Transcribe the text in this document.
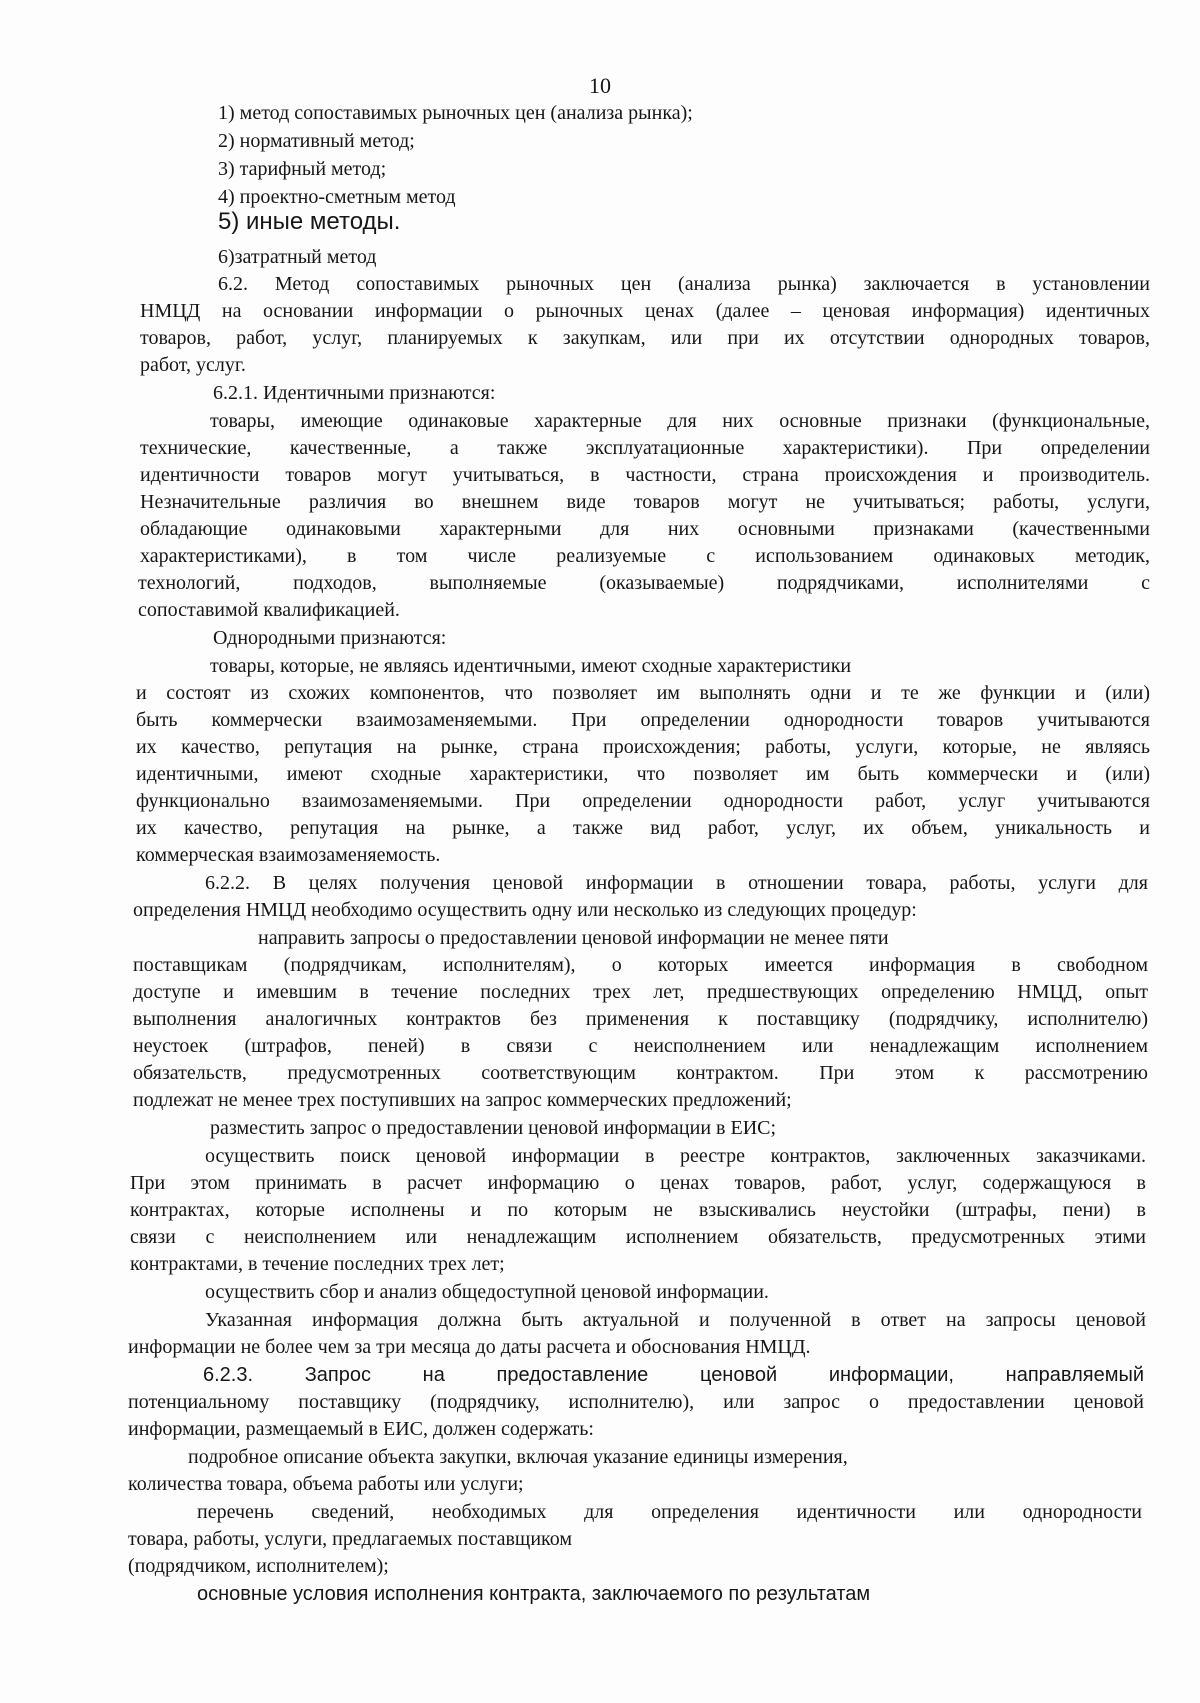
10
1) метод сопоставимых рыночных цен (анализа рынка);
2) нормативный метод;
3) тарифный метод;
4) проектно-сметным метод
5) иные методы.
6)затратный метод
6.2. Метод сопоставимых рыночных цен (анализа рынка) заключается в установлении
НМЦД на основании информации о рыночных ценах (далее – ценовая информация) идентичных
товаров, работ, услуг, планируемых к закупкам, или при их отсутствии однородных товаров,
работ, услуг.
6.2.1. Идентичными признаются:
товары, имеющие одинаковые характерные для них основные признаки (функциональные,
технические, качественные, а также эксплуатационные характеристики). При определении
идентичности товаров могут учитываться, в частности, страна происхождения и производитель.
Незначительные различия во внешнем виде товаров могут не учитываться; работы, услуги,
обладающие одинаковыми характерными для них основными признаками (качественными
характеристиками), в том числе реализуемые с использованием одинаковых методик,
технологий, подходов, выполняемые (оказываемые) подрядчиками, исполнителями с
сопоставимой квалификацией.
Однородными признаются:
товары, которые, не являясь идентичными, имеют сходные характеристики
и состоят из схожих компонентов, что позволяет им выполнять одни и те же функции и (или)
быть коммерчески взаимозаменяемыми. При определении однородности товаров учитываются
их качество, репутация на рынке, страна происхождения; работы, услуги, которые, не являясь
идентичными, имеют сходные характеристики, что позволяет им быть коммерчески и (или)
функционально взаимозаменяемыми. При определении однородности работ, услуг учитываются
их качество, репутация на рынке, а также вид работ, услуг, их объем, уникальность и
коммерческая взаимозаменяемость.
6.2.2. В целях получения ценовой информации в отношении товара, работы, услуги для
определения НМЦД необходимо осуществить одну или несколько из следующих процедур:
направить запросы о предоставлении ценовой информации не менее пяти
поставщикам (подрядчикам, исполнителям), о которых имеется информация в свободном
доступе и имевшим в течение последних трех лет, предшествующих определению НМЦД, опыт
выполнения аналогичных контрактов без применения к поставщику (подрядчику, исполнителю)
неустоек (штрафов, пеней) в связи с неисполнением или ненадлежащим исполнением
обязательств, предусмотренных соответствующим контрактом. При этом к рассмотрению
подлежат не менее трех поступивших на запрос коммерческих предложений;
разместить запрос о предоставлении ценовой информации в ЕИС;
осуществить поиск ценовой информации в реестре контрактов, заключенных заказчиками.
При этом принимать в расчет информацию о ценах товаров, работ, услуг, содержащуюся в
контрактах, которые исполнены и по которым не взыскивались неустойки (штрафы, пени) в
связи с неисполнением или ненадлежащим исполнением обязательств, предусмотренных этими
контрактами, в течение последних трех лет;
осуществить сбор и анализ общедоступной ценовой информации.
Указанная информация должна быть актуальной и полученной в ответ на запросы ценовой
информации не более чем за три месяца до даты расчета и обоснования НМЦД.
6.2.3. Запрос на предоставление ценовой информации, направляемый
потенциальному поставщику (подрядчику, исполнителю), или запрос о предоставлении ценовой
информации, размещаемый в ЕИС, должен содержать:
подробное описание объекта закупки, включая указание единицы измерения,
количества товара, объема работы или услуги;
перечень сведений, необходимых для определения идентичности или однородности
товара, работы, услуги, предлагаемых поставщиком
(подрядчиком, исполнителем);
основные условия исполнения контракта, заключаемого по результатам
